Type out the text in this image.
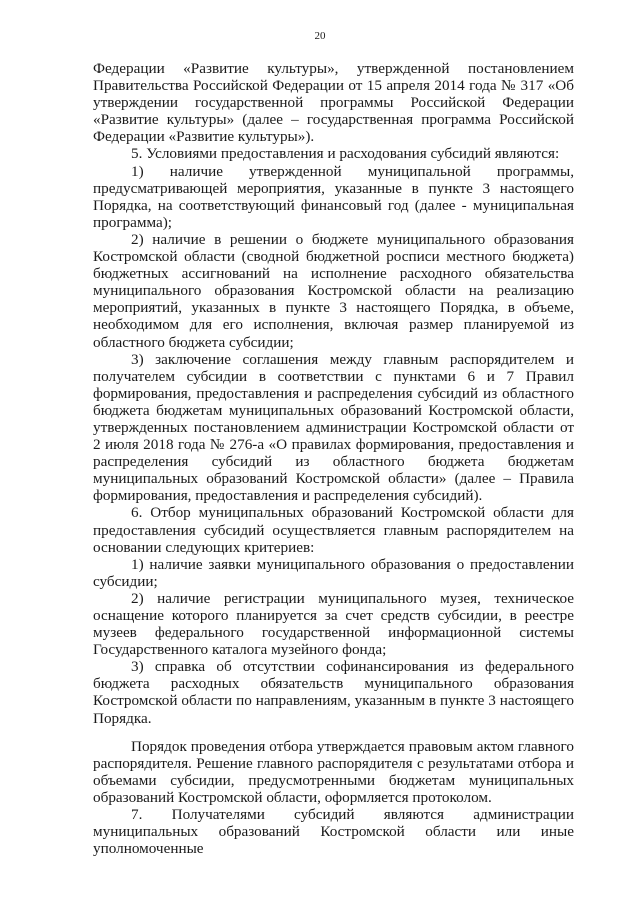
20

Федерации «Развитие культуры», утвержденной постановлением Правительства Российской Федерации от 15 апреля 2014 года № 317 «Об утверждении государственной программы Российской Федерации «Развитие культуры» (далее – государственная программа Российской Федерации «Развитие культуры»).

5. Условиями предоставления и расходования субсидий являются:

1) наличие утвержденной муниципальной программы, предусматривающей мероприятия, указанные в пункте 3 настоящего Порядка, на соответствующий финансовый год (далее - муниципальная программа);

2) наличие в решении о бюджете муниципального образования Костромской области (сводной бюджетной росписи местного бюджета) бюджетных ассигнований на исполнение расходного обязательства муниципального образования Костромской области на реализацию мероприятий, указанных в пункте 3 настоящего Порядка, в объеме, необходимом для его исполнения, включая размер планируемой из областного бюджета субсидии;

3) заключение соглашения между главным распорядителем и получателем субсидии в соответствии с пунктами 6 и 7 Правил формирования, предоставления и распределения субсидий из областного бюджета бюджетам муниципальных образований Костромской области, утвержденных постановлением администрации Костромской области от 2 июля 2018 года № 276-а «О правилах формирования, предоставления и распределения субсидий из областного бюджета бюджетам муниципальных образований Костромской области» (далее – Правила формирования, предоставления и распределения субсидий).

6. Отбор муниципальных образований Костромской области для предоставления субсидий осуществляется главным распорядителем на основании следующих критериев:

1) наличие заявки муниципального образования о предоставлении субсидии;

2) наличие регистрации муниципального музея, техническое оснащение которого планируется за счет средств субсидии, в реестре музеев федерального государственной информационной системы Государственного каталога музейного фонда;

3) справка об отсутствии софинансирования из федерального бюджета расходных обязательств муниципального образования Костромской области по направлениям, указанным в пункте 3 настоящего Порядка.

Порядок проведения отбора утверждается правовым актом главного распорядителя. Решение главного распорядителя с результатами отбора и объемами субсидии, предусмотренными бюджетам муниципальных образований Костромской области, оформляется протоколом.

7. Получателями субсидий являются администрации муниципальных образований Костромской области или иные уполномоченные
